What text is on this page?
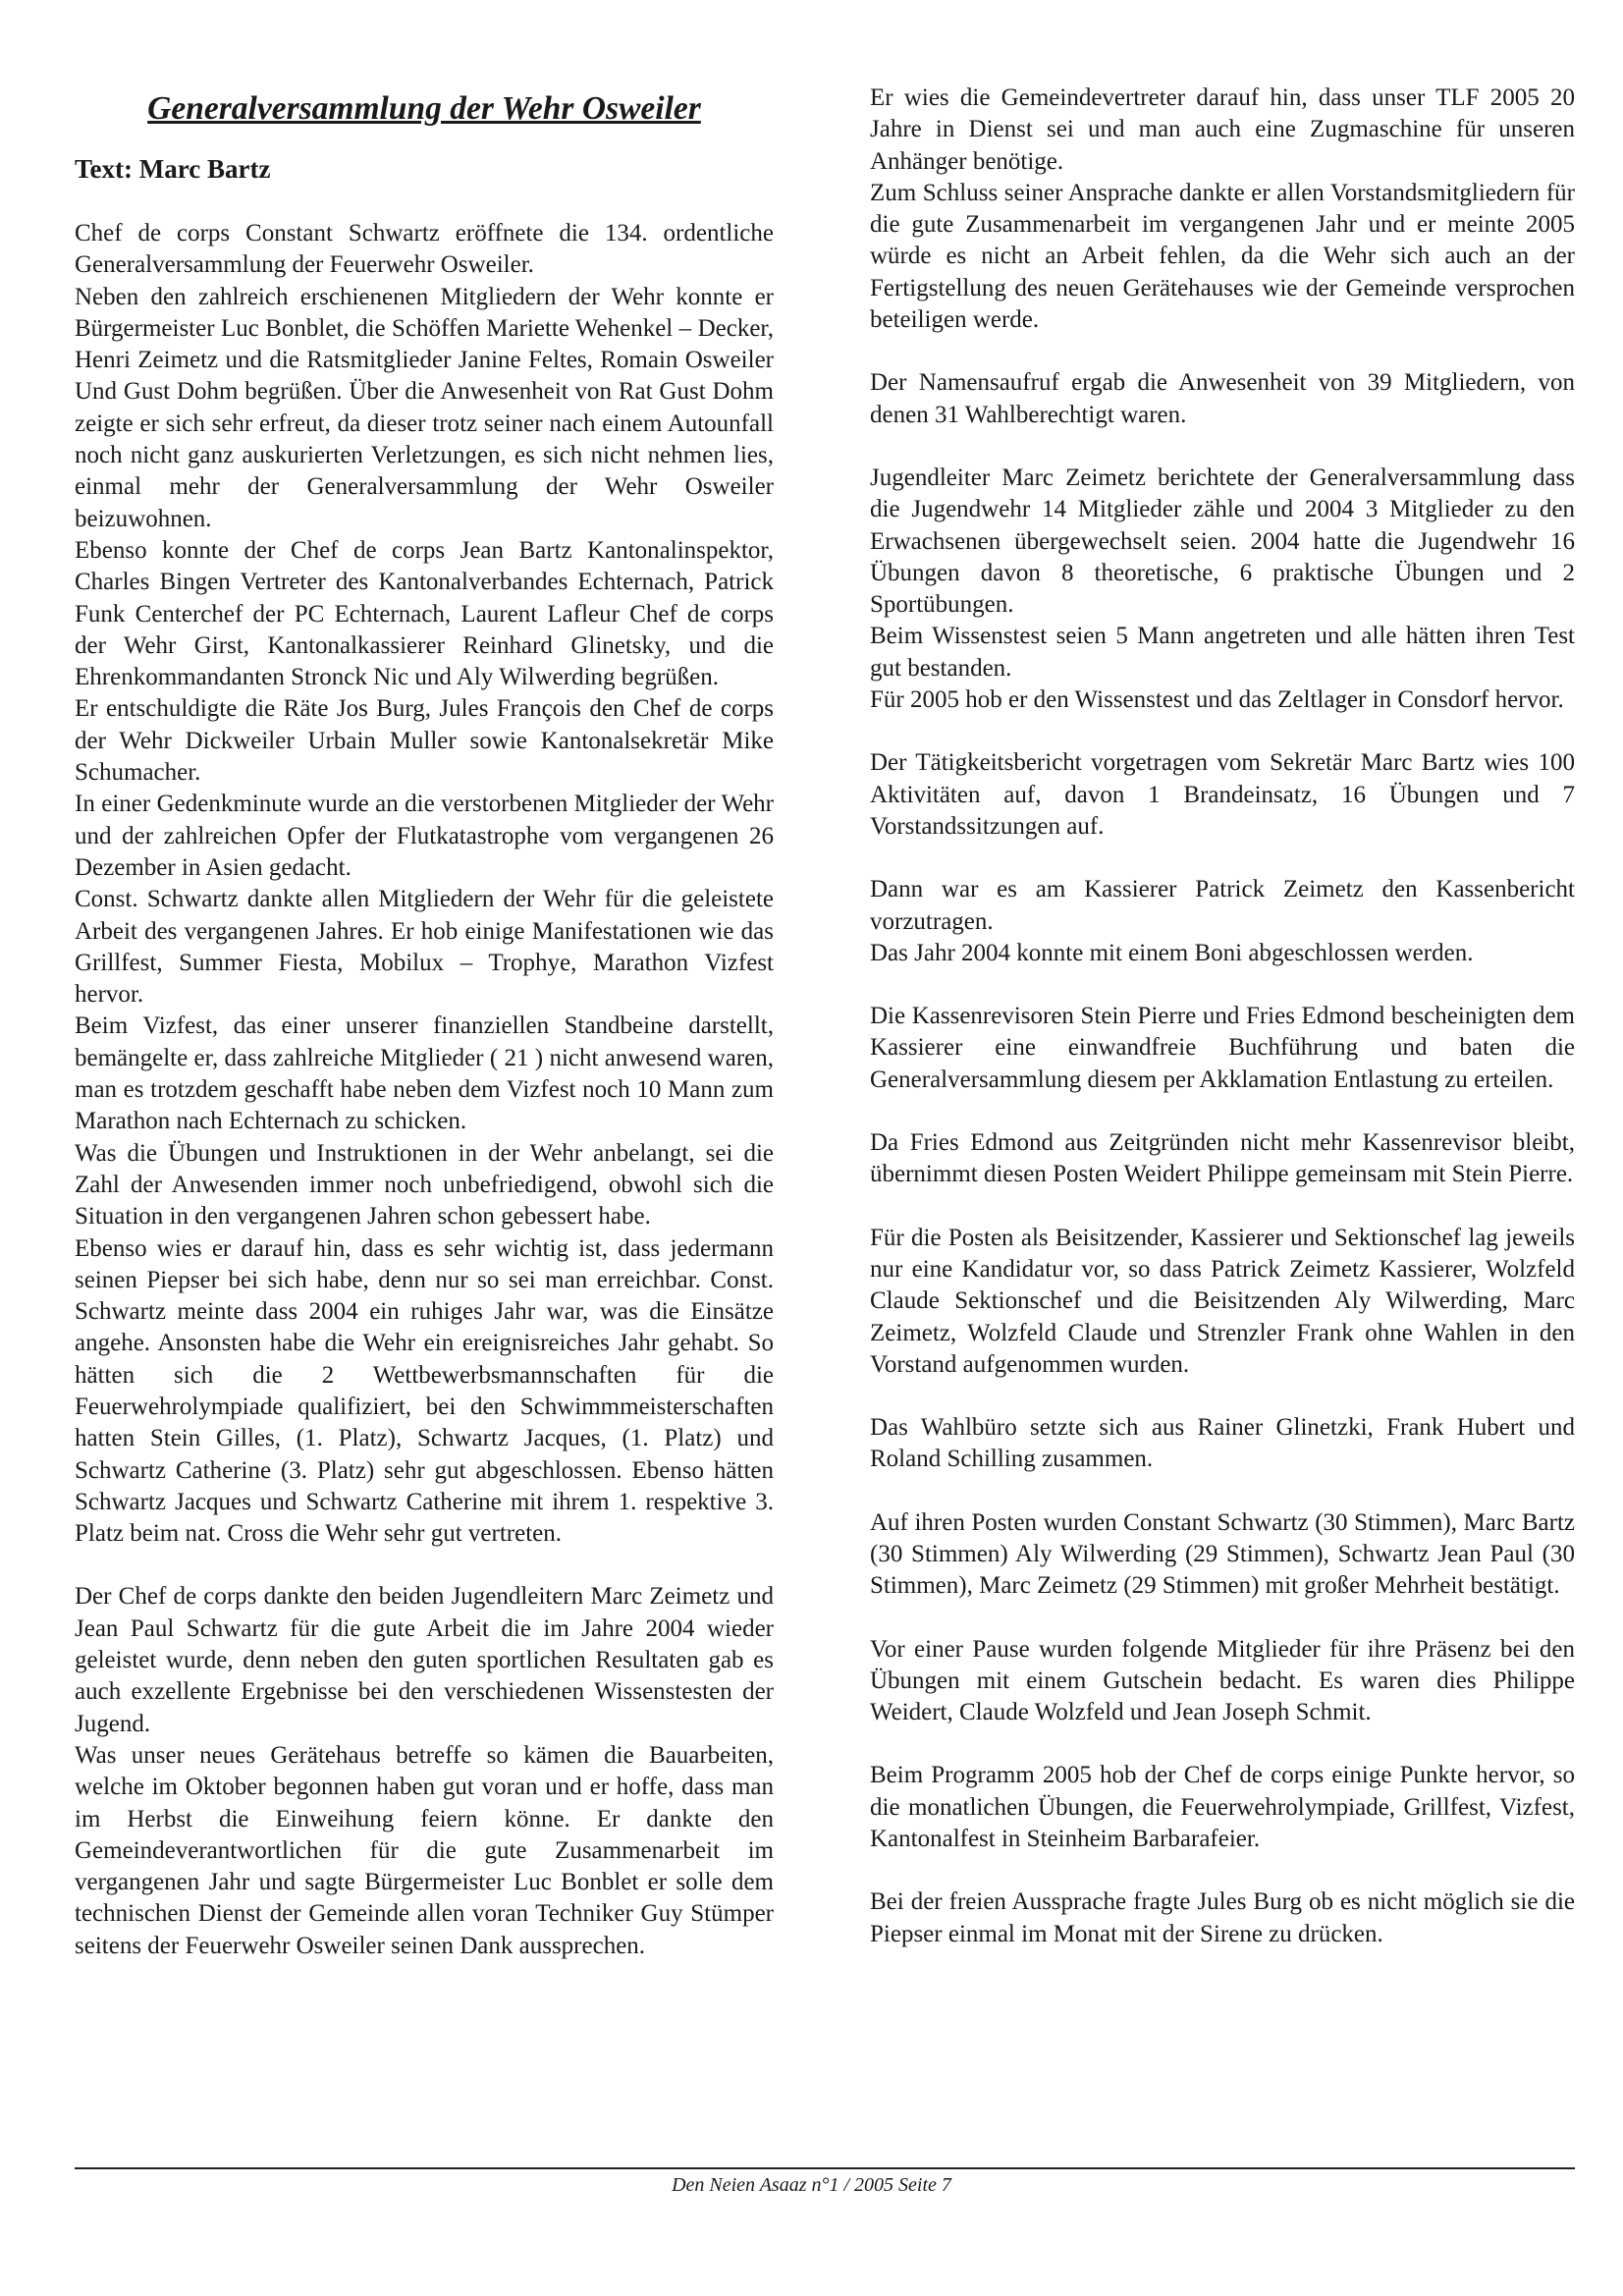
Generalversammlung der Wehr Osweiler
Text: Marc Bartz

Chef de corps Constant Schwartz eröffnete die 134. ordentliche Generalversammlung der Feuerwehr Osweiler.

Neben den zahlreich erschienenen Mitgliedern der Wehr konnte er Bürgermeister Luc Bonblet, die Schöffen Mariette Wehenkel – Decker, Henri Zeimetz und die Ratsmitglieder Janine Feltes, Romain Osweiler Und Gust Dohm begrüßen. Über die Anwesenheit von Rat Gust Dohm zeigte er sich sehr erfreut, da dieser trotz seiner nach einem Autounfall noch nicht ganz auskurierten Verletzungen, es sich nicht nehmen lies, einmal mehr der Generalversammlung der Wehr Osweiler beizuwohnen.

Ebenso konnte der Chef de corps Jean Bartz Kantonalinspektor, Charles Bingen Vertreter des Kantonalverbandes Echternach, Patrick Funk Centerchef der PC Echternach, Laurent Lafleur Chef de corps der Wehr Girst, Kantonalkassierer Reinhard Glinetsky, und die Ehrenkommandanten Stronck Nic und Aly Wilwerding begrüßen.

Er entschuldigte die Räte Jos Burg, Jules François den Chef de corps der Wehr Dickweiler Urbain Muller sowie Kantonalsekretär Mike Schumacher.

In einer Gedenkminute wurde an die verstorbenen Mitglieder der Wehr und der zahlreichen Opfer der Flutkatastrophe vom vergangenen 26 Dezember in Asien gedacht.

Const. Schwartz dankte allen Mitgliedern der Wehr für die geleistete Arbeit des vergangenen Jahres. Er hob einige Manifestationen wie das Grillfest, Summer Fiesta, Mobilux – Trophye, Marathon Vizfest hervor.

Beim Vizfest, das einer unserer finanziellen Standbeine darstellt, bemängelte er, dass zahlreiche Mitglieder ( 21 ) nicht anwesend waren, man es trotzdem geschafft habe neben dem Vizfest noch 10 Mann zum Marathon nach Echternach zu schicken.

Was die Übungen und Instruktionen in der Wehr anbelangt, sei die Zahl der Anwesenden immer noch unbefriedigend, obwohl sich die Situation in den vergangenen Jahren schon gebessert habe.

Ebenso wies er darauf hin, dass es sehr wichtig ist, dass jedermann seinen Piepser bei sich habe, denn nur so sei man erreichbar. Const. Schwartz meinte dass 2004 ein ruhiges Jahr war, was die Einsätze angehe. Ansonsten habe die Wehr ein ereignisreiches Jahr gehabt. So hätten sich die 2 Wettbewerbsmannschaften für die Feuerwehrolympiade qualifiziert, bei den Schwimmmeisterschaften hatten Stein Gilles, (1. Platz), Schwartz Jacques, (1. Platz) und Schwartz Catherine (3. Platz) sehr gut abgeschlossen. Ebenso hätten Schwartz Jacques und Schwartz Catherine mit ihrem 1. respektive 3. Platz beim nat. Cross die Wehr sehr gut vertreten.

Der Chef de corps dankte den beiden Jugendleitern Marc Zeimetz und Jean Paul Schwartz für die gute Arbeit die im Jahre 2004 wieder geleistet wurde, denn neben den guten sportlichen Resultaten gab es auch exzellente Ergebnisse bei den verschiedenen Wissenstesten der Jugend.

Was unser neues Gerätehaus betreffe so kämen die Bauarbeiten, welche im Oktober begonnen haben gut voran und er hoffe, dass man im Herbst die Einweihung feiern könne. Er dankte den Gemeindeverantwortlichen für die gute Zusammenarbeit im vergangenen Jahr und sagte Bürgermeister Luc Bonblet er solle dem technischen Dienst der Gemeinde allen voran Techniker Guy Stümper seitens der Feuerwehr Osweiler seinen Dank aussprechen.

Er wies die Gemeindevertreter darauf hin, dass unser TLF 2005 20 Jahre in Dienst sei und man auch eine Zugmaschine für unseren Anhänger benötige.

Zum Schluss seiner Ansprache dankte er allen Vorstandsmitgliedern für die gute Zusammenarbeit im vergangenen Jahr und er meinte 2005 würde es nicht an Arbeit fehlen, da die Wehr sich auch an der Fertigstellung des neuen Gerätehauses wie der Gemeinde versprochen beteiligen werde.

Der Namensaufruf ergab die Anwesenheit von 39 Mitgliedern, von denen 31 Wahlberechtigt waren.

Jugendleiter Marc Zeimetz berichtete der Generalversammlung dass die Jugendwehr 14 Mitglieder zähle und 2004 3 Mitglieder zu den Erwachsenen übergewechselt seien. 2004 hatte die Jugendwehr 16 Übungen davon 8 theoretische, 6 praktische Übungen und 2 Sportübungen.

Beim Wissenstest seien 5 Mann angetreten und alle hätten ihren Test gut bestanden.

Für 2005 hob er den Wissenstest und das Zeltlager in Consdorf hervor.

Der Tätigkeitsbericht vorgetragen vom Sekretär Marc Bartz wies 100 Aktivitäten auf, davon 1 Brandeinsatz, 16 Übungen und 7 Vorstandssitzungen auf.

Dann war es am Kassierer Patrick Zeimetz den Kassenbericht vorzutragen.

Das Jahr 2004 konnte mit einem Boni abgeschlossen werden.

Die Kassenrevisoren Stein Pierre und Fries Edmond bescheinigten dem Kassierer eine einwandfreie Buchführung und baten die Generalversammlung diesem per Akklamation Entlastung zu erteilen.

Da Fries Edmond aus Zeitgründen nicht mehr Kassenrevisor bleibt, übernimmt diesen Posten Weidert Philippe gemeinsam mit Stein Pierre.

Für die Posten als Beisitzender, Kassierer und Sektionschef lag jeweils nur eine Kandidatur vor, so dass Patrick Zeimetz Kassierer, Wolzfeld Claude Sektionschef und die Beisitzenden Aly Wilwerding, Marc Zeimetz, Wolzfeld Claude und Strenzler Frank ohne Wahlen in den Vorstand aufgenommen wurden.

Das Wahlbüro setzte sich aus Rainer Glinetzki, Frank Hubert und Roland Schilling zusammen.

Auf ihren Posten wurden Constant Schwartz (30 Stimmen), Marc Bartz (30 Stimmen) Aly Wilwerding (29 Stimmen), Schwartz Jean Paul (30 Stimmen), Marc Zeimetz (29 Stimmen) mit großer Mehrheit bestätigt.

Vor einer Pause wurden folgende Mitglieder für ihre Präsenz bei den Übungen mit einem Gutschein bedacht. Es waren dies Philippe Weidert, Claude Wolzfeld und Jean Joseph Schmit.

Beim Programm 2005 hob der Chef de corps einige Punkte hervor, so die monatlichen Übungen, die Feuerwehrolympiade, Grillfest, Vizfest, Kantonalfest in Steinheim Barbarafeier.

Bei der freien Aussprache fragte Jules Burg ob es nicht möglich sie die Piepser einmal im Monat mit der Sirene zu drücken.

Den Neien Asaaz n°1 / 2005 Seite 7
